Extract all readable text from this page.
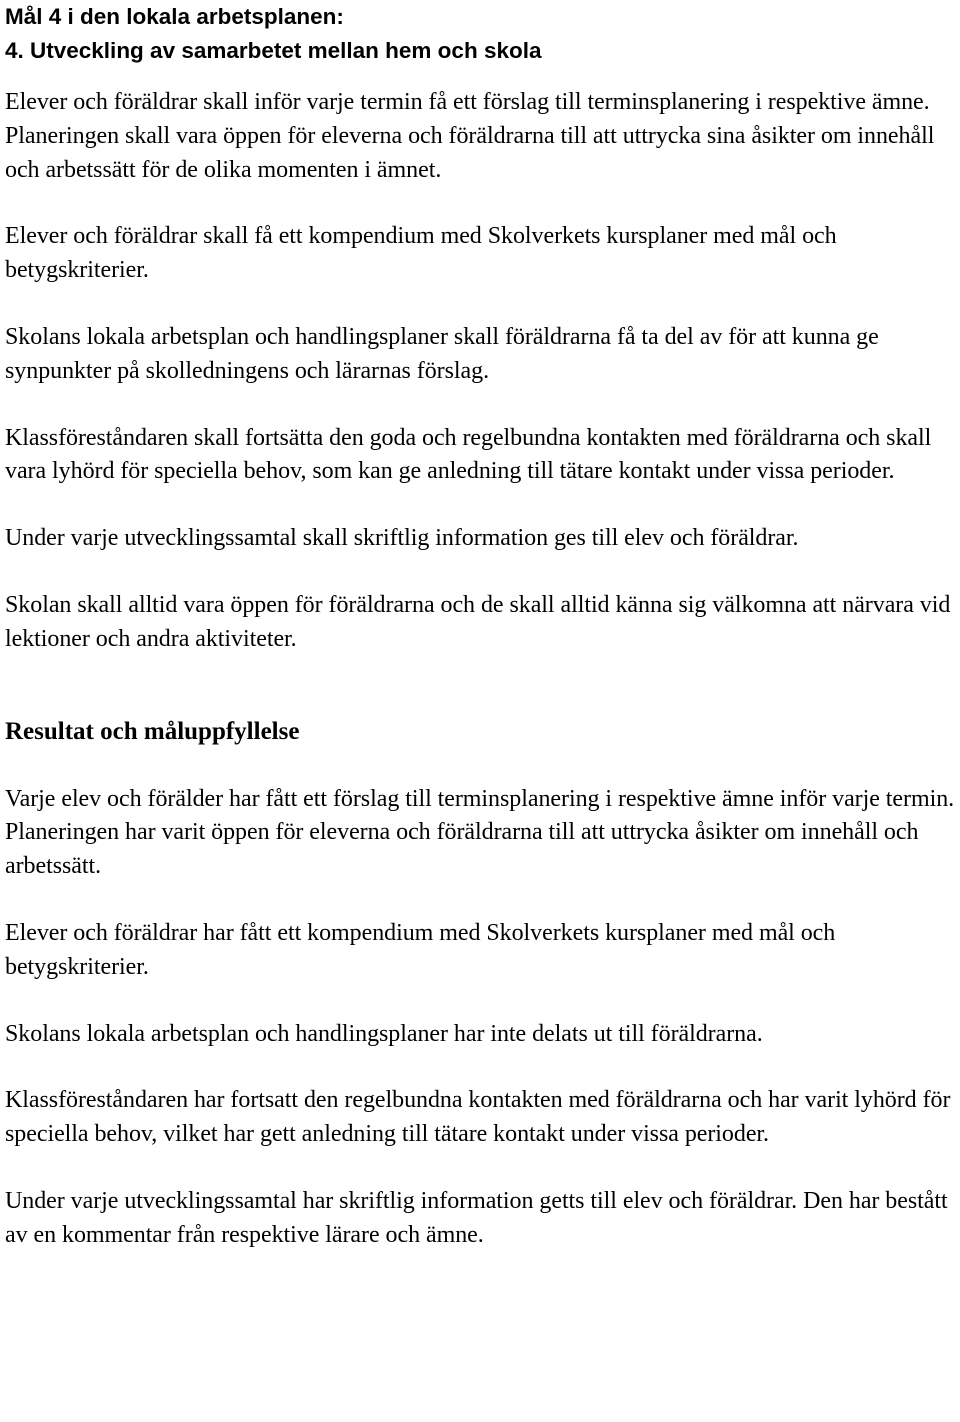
Mål 4 i den lokala arbetsplanen:
4. Utveckling av samarbetet mellan hem och skola

Elever och föräldrar skall inför varje termin få ett förslag till terminsplanering i respektive ämne. Planeringen skall vara öppen för eleverna och föräldrarna till att uttrycka sina åsikter om innehåll och arbetssätt för de olika momenten i ämnet.

Elever och föräldrar skall få ett kompendium med Skolverkets kursplaner med mål och betygskriterier.

Skolans lokala arbetsplan och handlingsplaner skall föräldrarna få ta del av för att kunna ge synpunkter på skolledningens och lärarnas förslag.

Klassföreståndaren skall fortsätta den goda och regelbundna kontakten med föräldrarna och skall vara lyhörd för speciella behov, som kan ge anledning till tätare kontakt under vissa perioder.

Under varje utvecklingssamtal skall skriftlig information ges till elev och föräldrar.

Skolan skall alltid vara öppen för föräldrarna och de skall alltid känna sig välkomna att närvara vid lektioner och andra aktiviteter.

Resultat och måluppfyllelse

Varje elev och förälder har fått ett förslag till terminsplanering i respektive ämne inför varje termin. Planeringen har varit öppen för eleverna och föräldrarna till att uttrycka åsikter om innehåll och arbetssätt.

Elever och föräldrar har fått ett kompendium med Skolverkets kursplaner med mål och betygskriterier.

Skolans lokala arbetsplan och handlingsplaner har inte delats ut till föräldrarna.

Klassföreståndaren har fortsatt den regelbundna kontakten med föräldrarna och har varit lyhörd för speciella behov, vilket har gett anledning till tätare kontakt under vissa perioder.

Under varje utvecklingssamtal har skriftlig information getts till elev och föräldrar. Den har bestått av en kommentar från respektive lärare och ämne.
